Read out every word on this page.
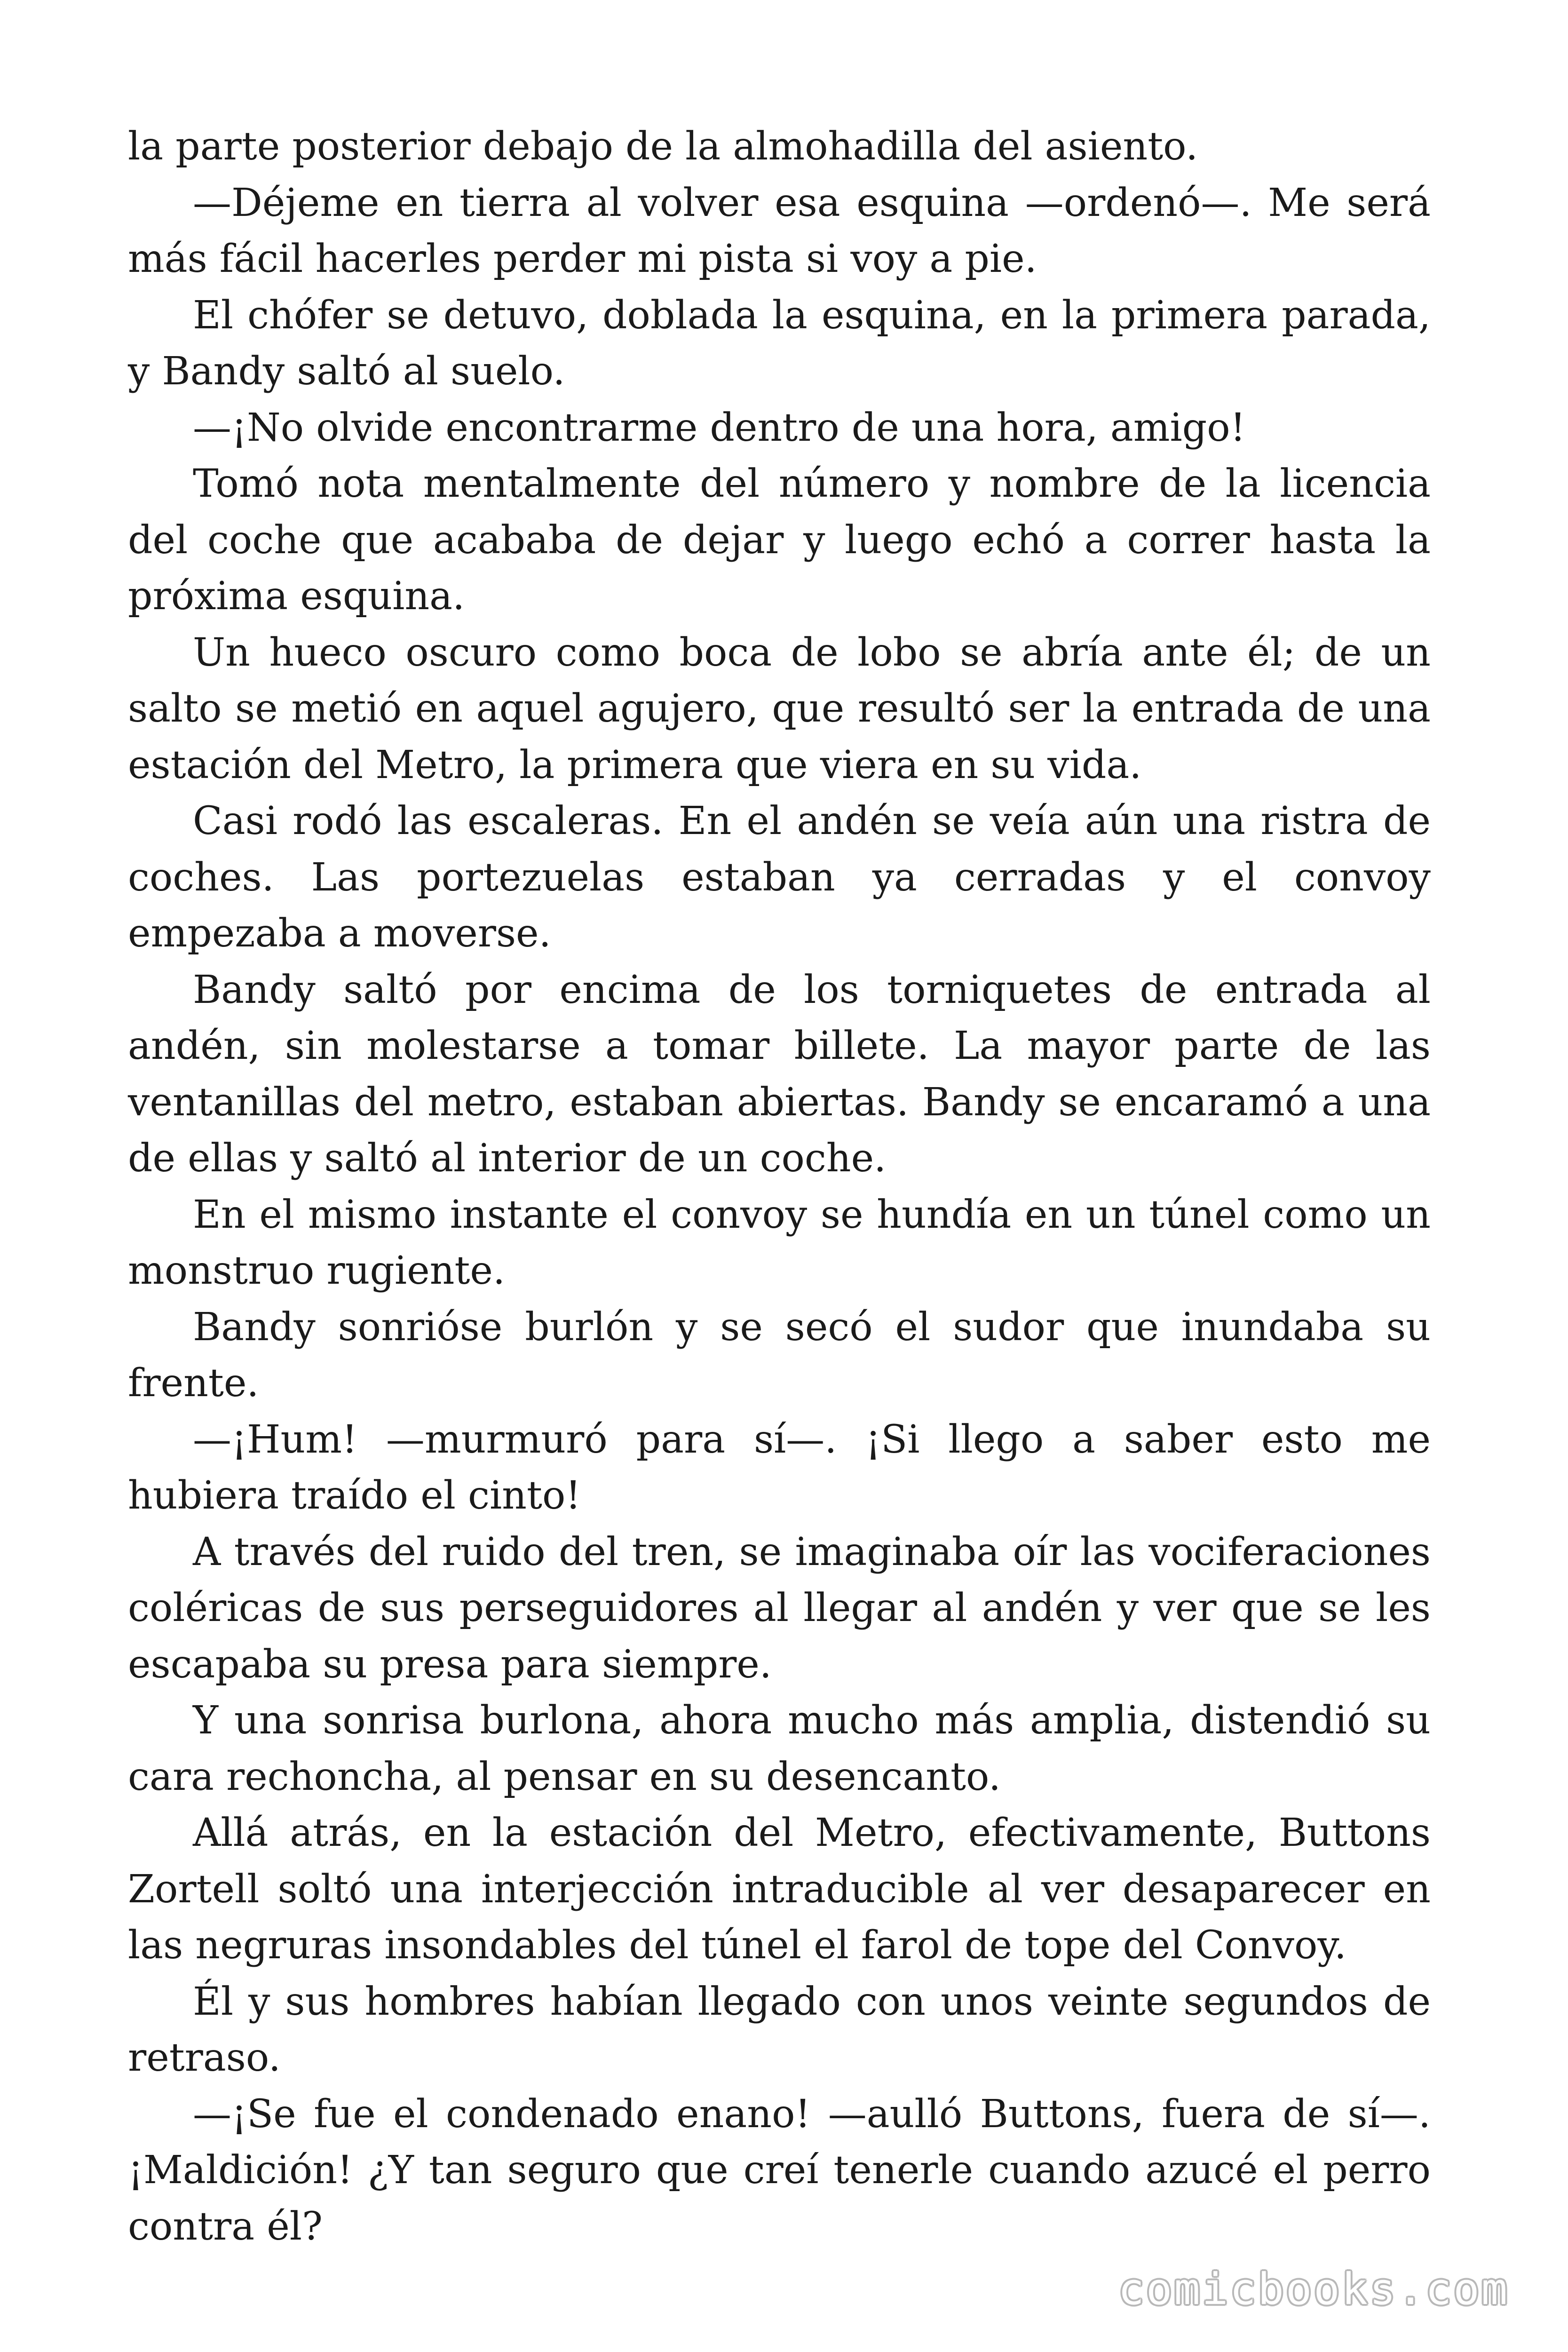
la parte posterior debajo de la almohadilla del asiento.

—Déjeme en tierra al volver esa esquina —ordenó—. Me será más fácil hacerles perder mi pista si voy a pie.

El chófer se detuvo, doblada la esquina, en la primera parada, y Bandy saltó al suelo.

—¡No olvide encontrarme dentro de una hora, amigo!

Tomó nota mentalmente del número y nombre de la licencia del coche que acababa de dejar y luego echó a correr hasta la próxima esquina.

Un hueco oscuro como boca de lobo se abría ante él; de un salto se metió en aquel agujero, que resultó ser la entrada de una estación del Metro, la primera que viera en su vida.

Casi rodó las escaleras. En el andén se veía aún una ristra de coches. Las portezuelas estaban ya cerradas y el convoy empezaba a moverse.

Bandy saltó por encima de los torniquetes de entrada al andén, sin molestarse a tomar billete. La mayor parte de las ventanillas del metro, estaban abiertas. Bandy se encaramó a una de ellas y saltó al interior de un coche.

En el mismo instante el convoy se hundía en un túnel como un monstruo rugiente.

Bandy sonrióse burlón y se secó el sudor que inundaba su frente.

—¡Hum! —murmuró para sí—. ¡Si llego a saber esto me hubiera traído el cinto!

A través del ruido del tren, se imaginaba oír las vociferaciones coléricas de sus perseguidores al llegar al andén y ver que se les escapaba su presa para siempre.

Y una sonrisa burlona, ahora mucho más amplia, distendió su cara rechoncha, al pensar en su desencanto.

Allá atrás, en la estación del Metro, efectivamente, Buttons Zortell soltó una interjección intraducible al ver desaparecer en las negruras insondables del túnel el farol de tope del Convoy.

Él y sus hombres habían llegado con unos veinte segundos de retraso.

—¡Se fue el condenado enano! —aulló Buttons, fuera de sí—. ¡Maldición! ¿Y tan seguro que creí tenerle cuando azucé el perro contra él?

comicbooks.com
